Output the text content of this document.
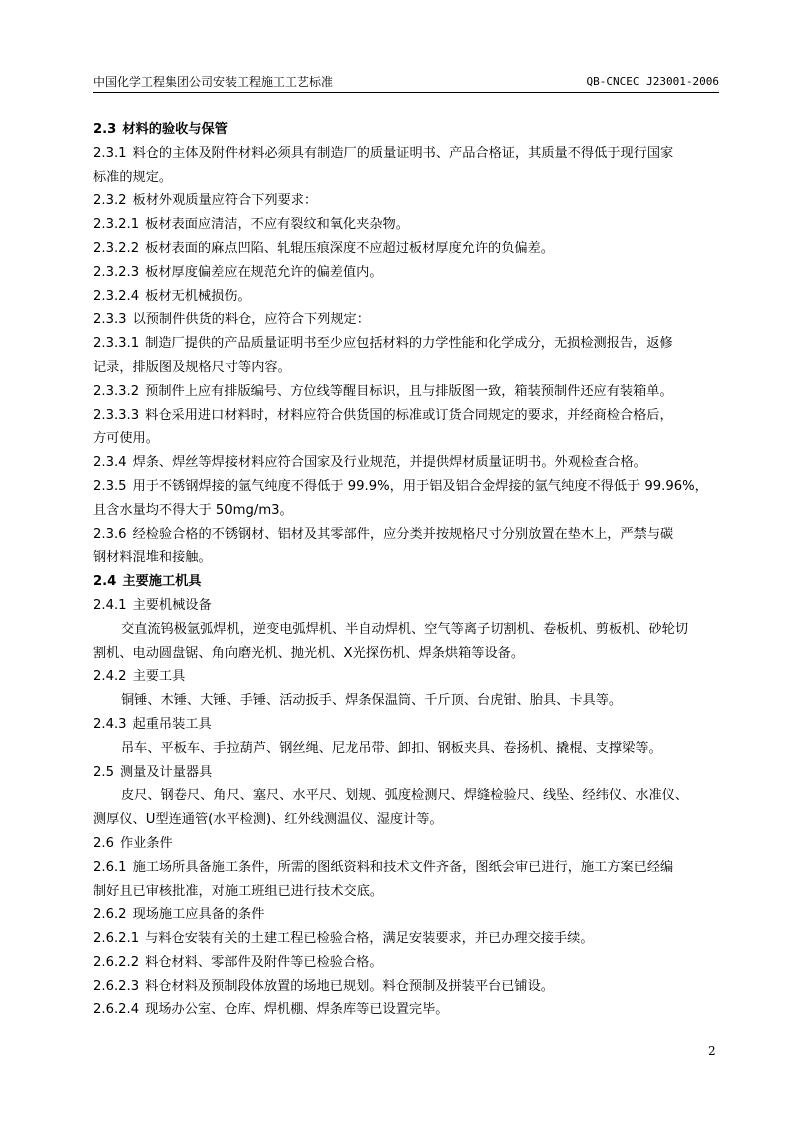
中国化学工程集团公司安装工程施工工艺标准	QB-CNCEC J23001-2006
2.3 材料的验收与保管
2.3.1 料仓的主体及附件材料必须具有制造厂的质量证明书、产品合格证，其质量不得低于现行国家
标准的规定。
2.3.2 板材外观质量应符合下列要求：
2.3.2.1 板材表面应清洁，不应有裂纹和氧化夹杂物。
2.3.2.2 板材表面的麻点凹陷、轧辊压痕深度不应超过板材厚度允许的负偏差。
2.3.2.3 板材厚度偏差应在规范允许的偏差值内。
2.3.2.4 板材无机械损伤。
2.3.3 以预制件供货的料仓，应符合下列规定：
2.3.3.1 制造厂提供的产品质量证明书至少应包括材料的力学性能和化学成分，无损检测报告，返修
记录，排版图及规格尺寸等内容。
2.3.3.2 预制件上应有排版编号、方位线等醒目标识，且与排版图一致，箱装预制件还应有装箱单。
2.3.3.3 料仓采用进口材料时，材料应符合供货国的标准或订货合同规定的要求，并经商检合格后，
方可使用。
2.3.4 焊条、焊丝等焊接材料应符合国家及行业规范，并提供焊材质量证明书。外观检查合格。
2.3.5 用于不锈钢焊接的氩气纯度不得低于 99.9%，用于铝及铝合金焊接的氩气纯度不得低于 99.96%，
且含水量均不得大于 50mg/m3。
2.3.6 经检验合格的不锈钢材、铝材及其零部件，应分类并按规格尺寸分别放置在垫木上，严禁与碳
钢材料混堆和接触。
2.4 主要施工机具
2.4.1 主要机械设备
交直流钨极氩弧焊机，逆变电弧焊机、半自动焊机、空气等离子切割机、卷板机、剪板机、砂轮切
割机、电动圆盘锯、角向磨光机、抛光机、X光探伤机、焊条烘箱等设备。
2.4.2 主要工具
铜锤、木锤、大锤、手锤、活动扳手、焊条保温筒、千斤顶、台虎钳、胎具、卡具等。
2.4.3 起重吊装工具
吊车、平板车、手拉葫芦、钢丝绳、尼龙吊带、卸扣、钢板夹具、卷扬机、撬棍、支撑梁等。
2.5 测量及计量器具
皮尺、钢卷尺、角尺、塞尺、水平尺、划规、弧度检测尺、焊缝检验尺、线坠、经纬仪、水准仪、
测厚仪、U型连通管(水平检测)、红外线测温仪、湿度计等。
2.6 作业条件
2.6.1 施工场所具备施工条件，所需的图纸资料和技术文件齐备，图纸会审已进行，施工方案已经编
制好且已审核批准，对施工班组已进行技术交底。
2.6.2 现场施工应具备的条件
2.6.2.1 与料仓安装有关的土建工程已检验合格，满足安装要求，并已办理交接手续。
2.6.2.2 料仓材料、零部件及附件等已检验合格。
2.6.2.3 料仓材料及预制段体放置的场地已规划。料仓预制及拼装平台已铺设。
2.6.2.4 现场办公室、仓库、焊机棚、焊条库等已设置完毕。
2
